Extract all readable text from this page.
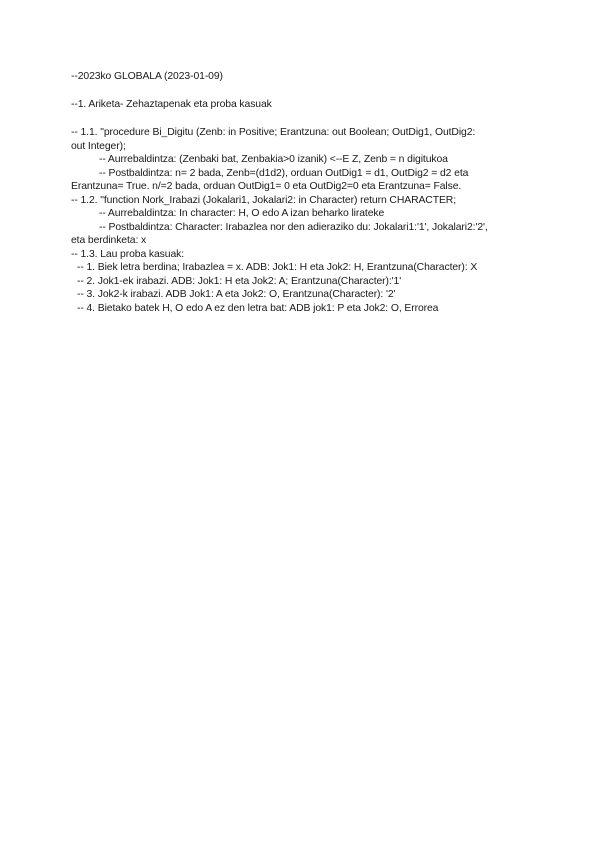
--2023ko GLOBALA (2023-01-09)
--1. Ariketa- Zehaztapenak eta proba kasuak
-- 1.1. "procedure Bi_Digitu (Zenb: in Positive; Erantzuna: out Boolean; OutDig1, OutDig2:
out Integer);
-- Aurrebaldintza: (Zenbaki bat, Zenbakia>0 izanik) <--E Z, Zenb = n digitukoa
-- Postbaldintza: n= 2 bada, Zenb=(d1d2), orduan OutDig1 = d1, OutDig2 = d2 eta
Erantzuna= True. n/=2 bada, orduan OutDig1= 0 eta OutDig2=0 eta Erantzuna= False.
-- 1.2. "function Nork_Irabazi (Jokalari1, Jokalari2: in Character) return CHARACTER;
-- Aurrebaldintza: In character: H, O edo A izan beharko lirateke
-- Postbaldintza: Character: Irabazlea nor den adieraziko du: Jokalari1:'1', Jokalari2:'2',
eta berdinketa: x
-- 1.3. Lau proba kasuak:
-- 1. Biek letra berdina; Irabazlea = x. ADB: Jok1: H eta Jok2: H, Erantzuna(Character): X
-- 2. Jok1-ek irabazi. ADB: Jok1: H eta Jok2: A; Erantzuna(Character):'1'
-- 3. Jok2-k irabazi. ADB Jok1: A eta Jok2: O, Erantzuna(Character): '2'
-- 4. Bietako batek H, O edo A ez den letra bat: ADB jok1: P eta Jok2: O, Errorea
